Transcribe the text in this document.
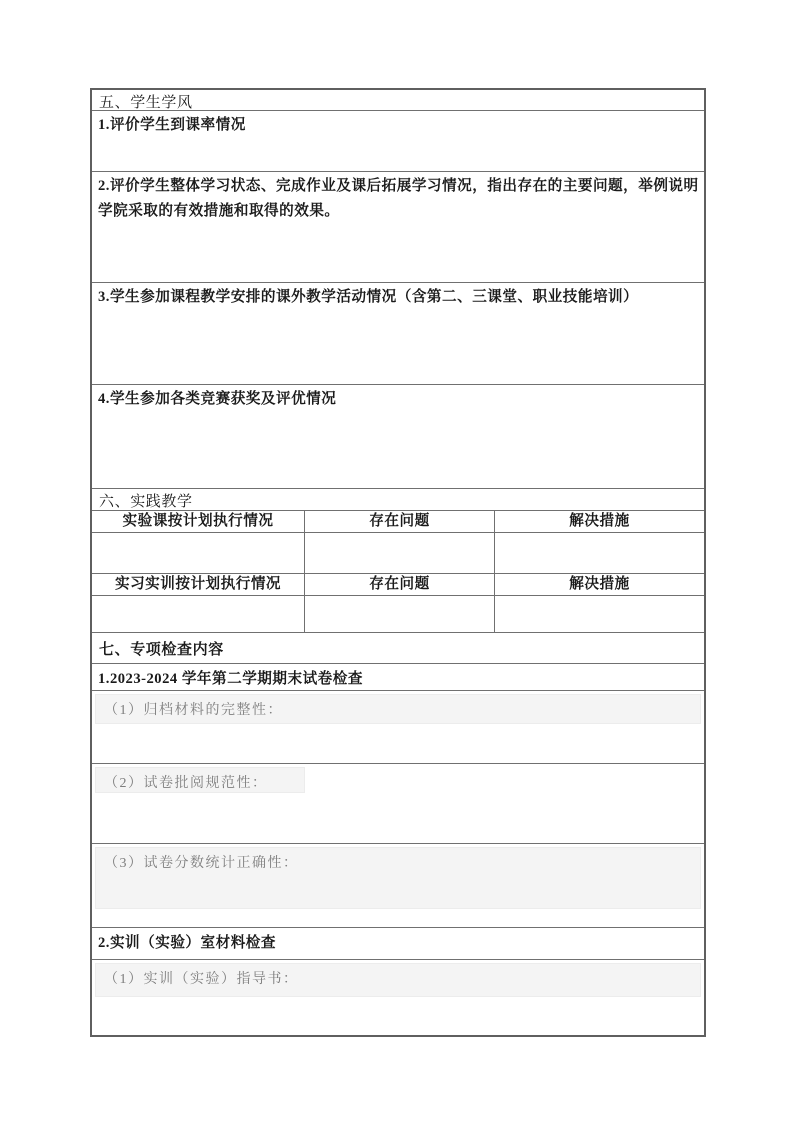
五、学生学风
1.评价学生到课率情况
2.评价学生整体学习状态、完成作业及课后拓展学习情况，指出存在的主要问题，举例说明学院采取的有效措施和取得的效果。
3.学生参加课程教学安排的课外教学活动情况（含第二、三课堂、职业技能培训）
4.学生参加各类竞赛获奖及评优情况
六、实践教学
实验课按计划执行情况	存在问题	解决措施
实习实训按计划执行情况	存在问题	解决措施
七、专项检查内容
1.2023-2024 学年第二学期期末试卷检查
（1）归档材料的完整性：
（2）试卷批阅规范性：
（3）试卷分数统计正确性：
2.实训（实验）室材料检查
（1）实训（实验）指导书：
